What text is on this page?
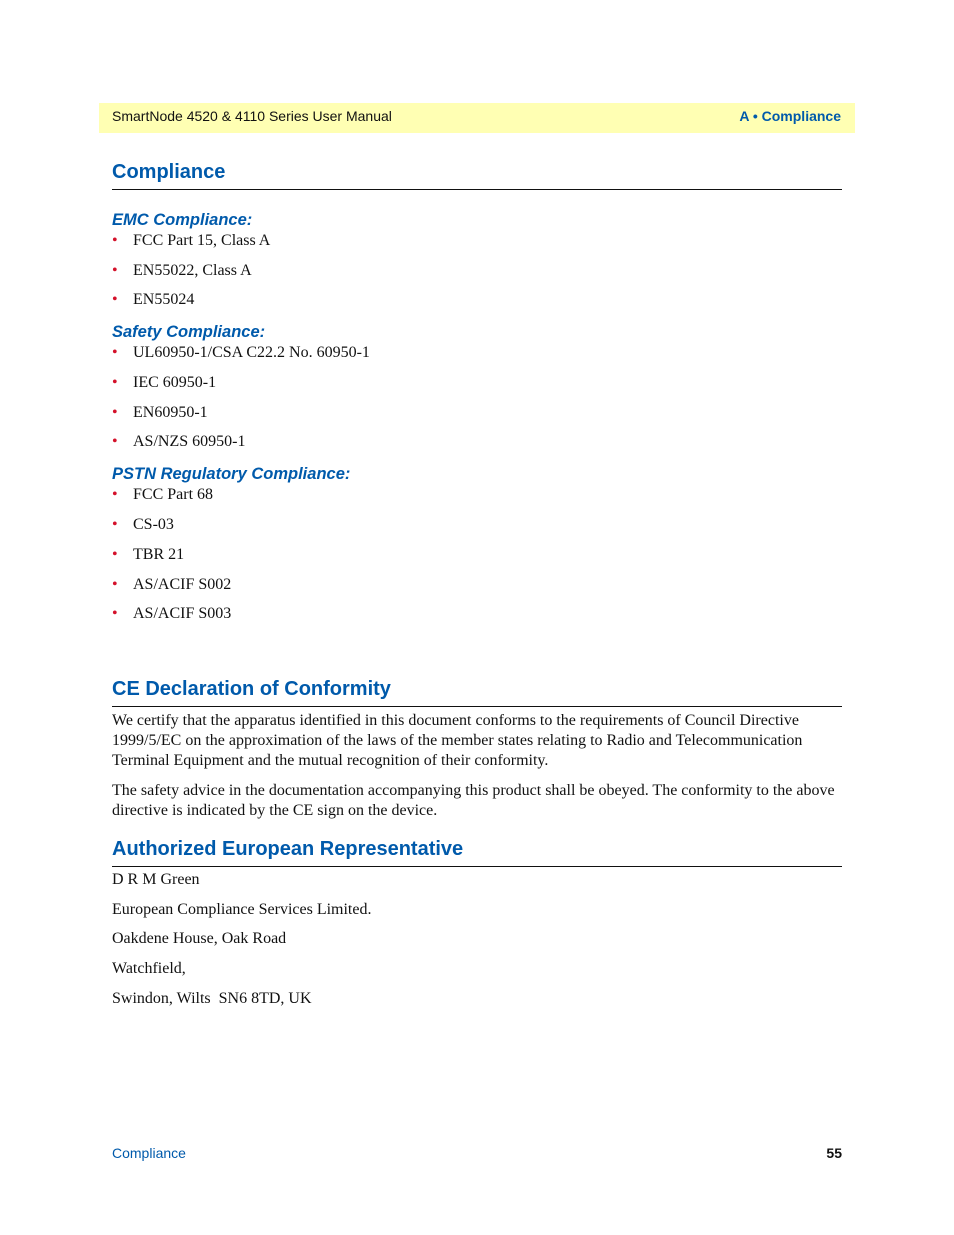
SmartNode 4520 & 4110 Series User Manual	A • Compliance
Compliance
EMC Compliance:
• FCC Part 15, Class A
• EN55022, Class A
• EN55024
Safety Compliance:
• UL60950-1/CSA C22.2 No. 60950-1
• IEC 60950-1
• EN60950-1
• AS/NZS 60950-1
PSTN Regulatory Compliance:
• FCC Part 68
• CS-03
• TBR 21
• AS/ACIF S002
• AS/ACIF S003
CE Declaration of Conformity

We certify that the apparatus identified in this document conforms to the requirements of Council Directive 1999/5/EC on the approximation of the laws of the member states relating to Radio and Telecommunication Terminal Equipment and the mutual recognition of their conformity.

The safety advice in the documentation accompanying this product shall be obeyed. The conformity to the above directive is indicated by the CE sign on the device.

Authorized European Representative

D R M Green

European Compliance Services Limited.

Oakdene House, Oak Road

Watchfield,

Swindon, Wilts  SN6 8TD, UK

Compliance	55
